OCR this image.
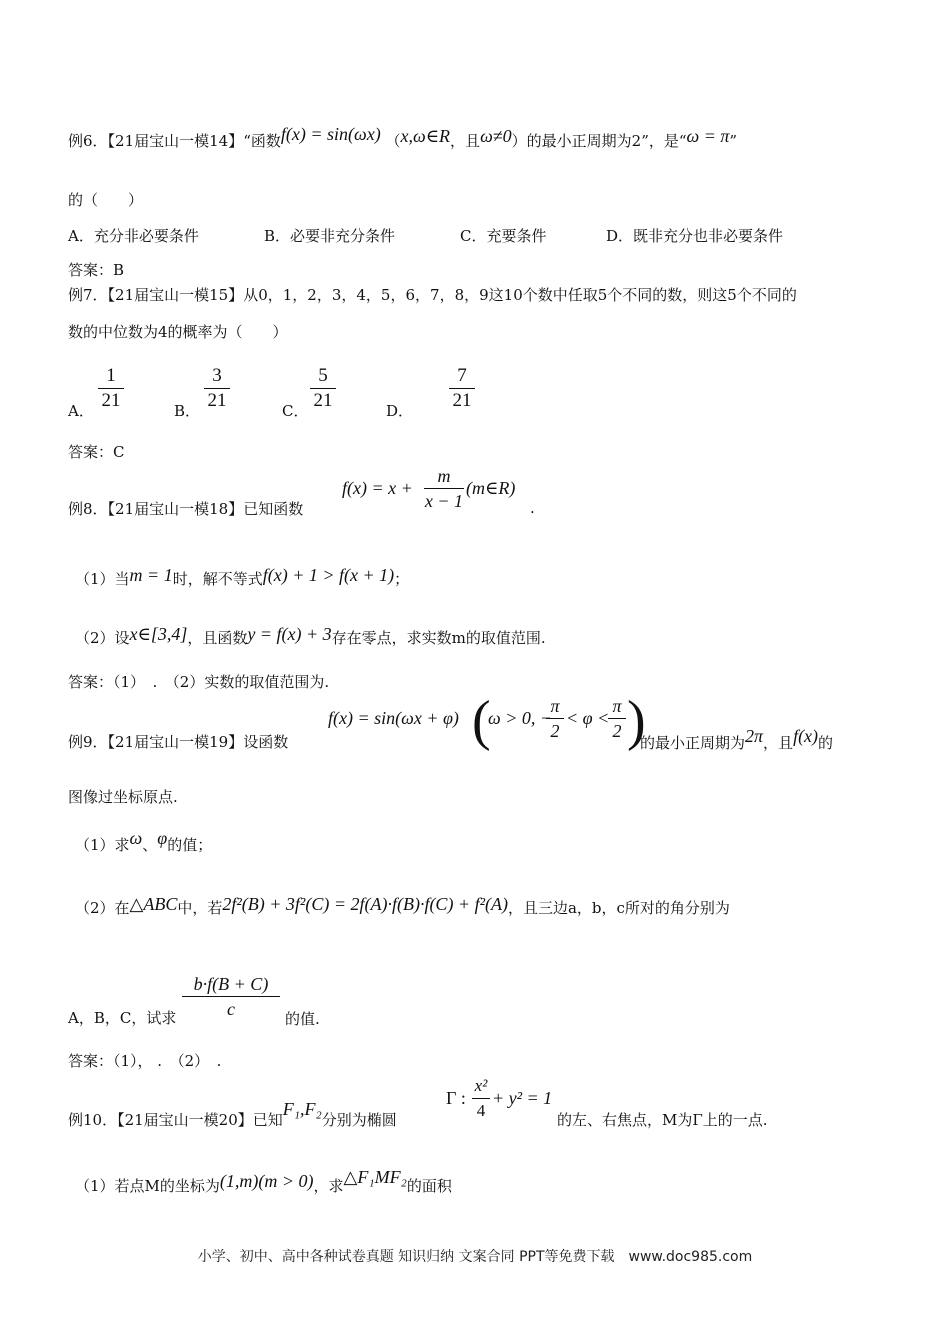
例6．【21届宝山一模14】“函数f(x) = sin(ωx) （x,ω∈R，且ω≠0）的最小正周期为2”，是“ω = π”
的（　　）
A．充分非必要条件	B．必要非充分条件	C．充要条件	D．既非充分也非必要条件
答案：B
例7．【21届宝山一模15】从0，1，2，3，4，5，6，7，8，9这10个数中任取5个不同的数，则这5个不同的
数的中位数为4的概率为（　　）
A． $\frac{1}{21}$	B． $\frac{3}{21}$	C． $\frac{5}{21}$	D． $\frac{7}{21}$
答案：C
例8．【21届宝山一模18】已知函数
$f(x) = x + \frac{m}{x - 1}$ (m∈R)
.
（1）当m = 1时，解不等式f(x) + 1 > f(x + 1)；
（2）设x∈[3,4]，且函数y = f(x) + 3存在零点，求实数m的取值范围.
答案：（1）　.　（2）实数的取值范围为.
例9．【21届宝山一模19】设函数
f(x) = sin(ωx + φ) (
ω > 0, −
$\frac{\pi}{2} < \varphi$ <
$\frac{\pi}{2}$ )
的最小正周期为2π，且f(x)的
图像过坐标原点.
（1）求ω、φ的值；
（2）在△ABC中，若2f²(B) + 3f²(C) = 2f(A)·f(B)·f(C) + f²(A)，且三边a，b，c所对的角分别为
A，B，C，试求 $\frac{b\cdot f(B + C)}{c}$ 的值.
答案：（1）， .　（2）　.
例10．【21届宝山一模20】已知F₁,F₂分别为椭圆
Γ : $\frac{\text{x²}}{4} + y^2 = 1$
的左、右焦点，M为Γ上的一点.
（1）若点M的坐标为(1,m)(m > 0)，求△F₁MF₂的面积
小学、初中、高中各种试卷真题 知识归纳 文案合同 PPT等免费下载　www.doc985.com
